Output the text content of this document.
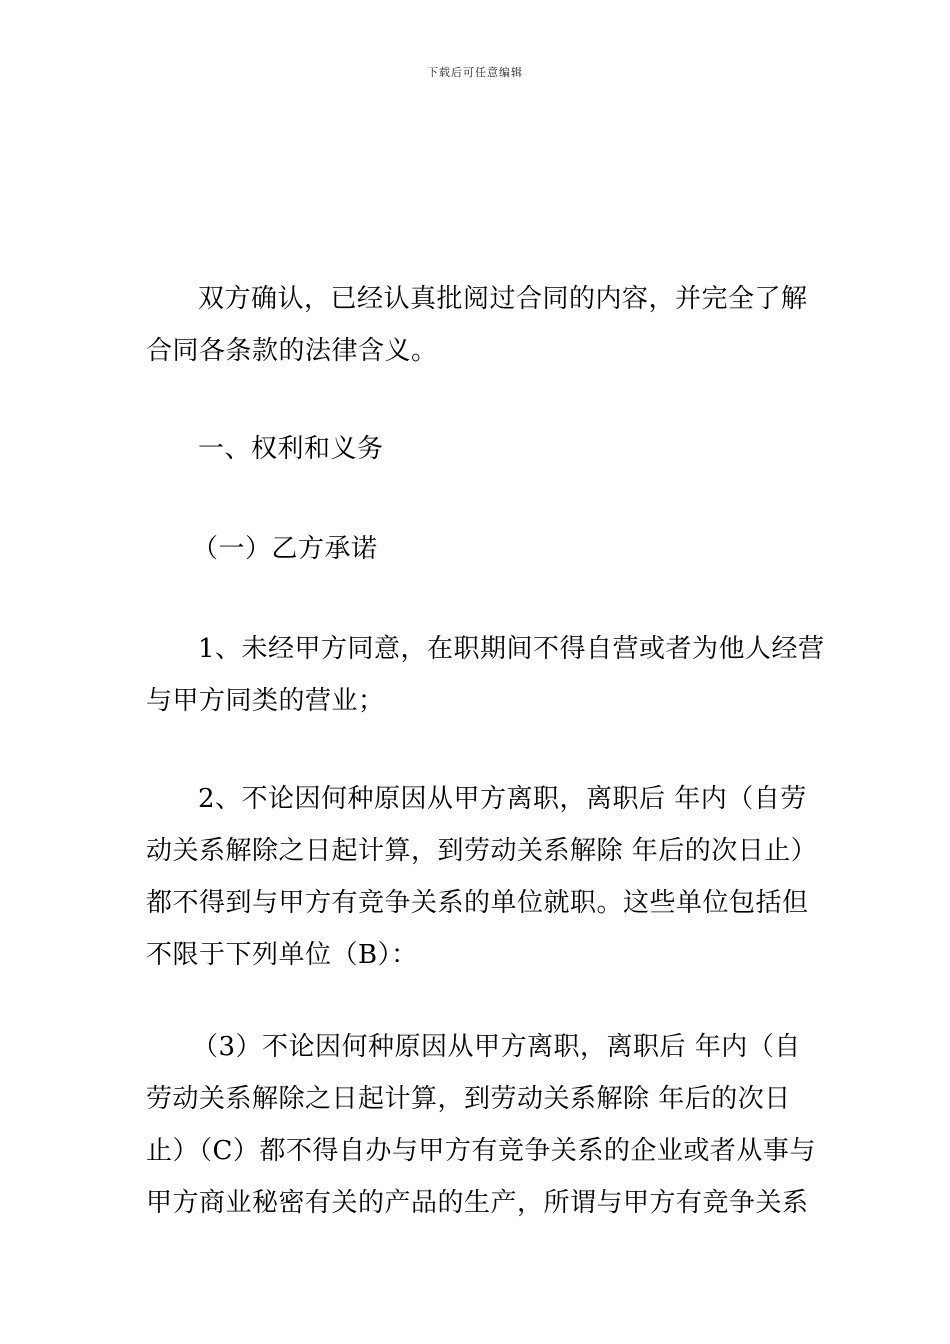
下载后可任意编辑
双方确认，已经认真批阅过合同的内容，并完全了解
合同各条款的法律含义。
一、权利和义务
（一）乙方承诺
1、未经甲方同意，在职期间不得自营或者为他人经营
与甲方同类的营业；
2、不论因何种原因从甲方离职，离职后 年内（自劳
动关系解除之日起计算，到劳动关系解除 年后的次日止）
都不得到与甲方有竞争关系的单位就职。这些单位包括但
不限于下列单位（B）：
（3）不论因何种原因从甲方离职，离职后 年内（自
劳动关系解除之日起计算，到劳动关系解除 年后的次日
止）（C）都不得自办与甲方有竞争关系的企业或者从事与
甲方商业秘密有关的产品的生产，所谓与甲方有竞争关系
